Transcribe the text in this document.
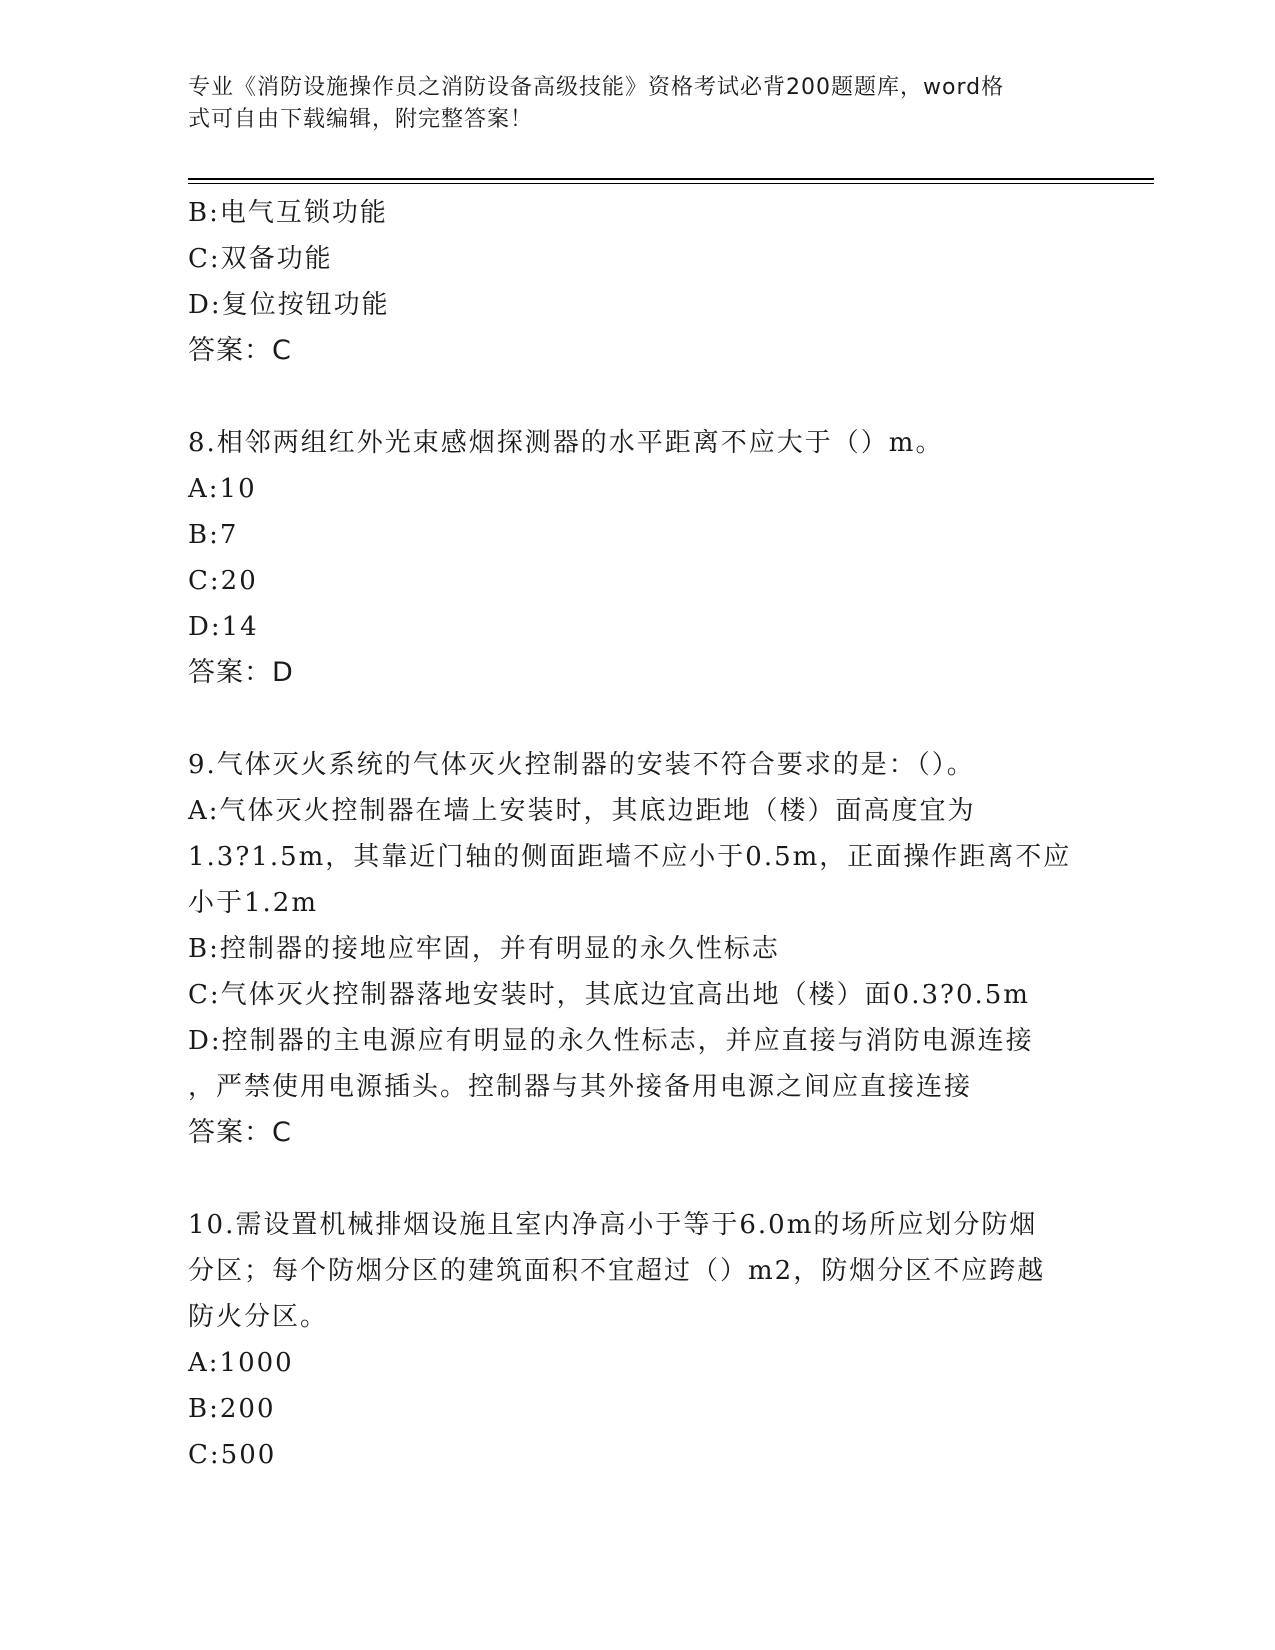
专业《消防设施操作员之消防设备高级技能》资格考试必背200题题库，word格
式可自由下载编辑，附完整答案！
B:电气互锁功能
C:双备功能
D:复位按钮功能
答案：C
8.相邻两组红外光束感烟探测器的水平距离不应大于（）m。
A:10
B:7
C:20
D:14
答案：D
9.气体灭火系统的气体灭火控制器的安装不符合要求的是：（）。
A:气体灭火控制器在墙上安装时，其底边距地（楼）面高度宜为
1.3?1.5m，其靠近门轴的侧面距墙不应小于0.5m，正面操作距离不应
小于1.2m
B:控制器的接地应牢固，并有明显的永久性标志
C:气体灭火控制器落地安装时，其底边宜高出地（楼）面0.3?0.5m
D:控制器的主电源应有明显的永久性标志，并应直接与消防电源连接
，严禁使用电源插头。控制器与其外接备用电源之间应直接连接
答案：C
10.需设置机械排烟设施且室内净高小于等于6.0m的场所应划分防烟
分区；每个防烟分区的建筑面积不宜超过（）m2，防烟分区不应跨越
防火分区。
A:1000
B:200
C:500
